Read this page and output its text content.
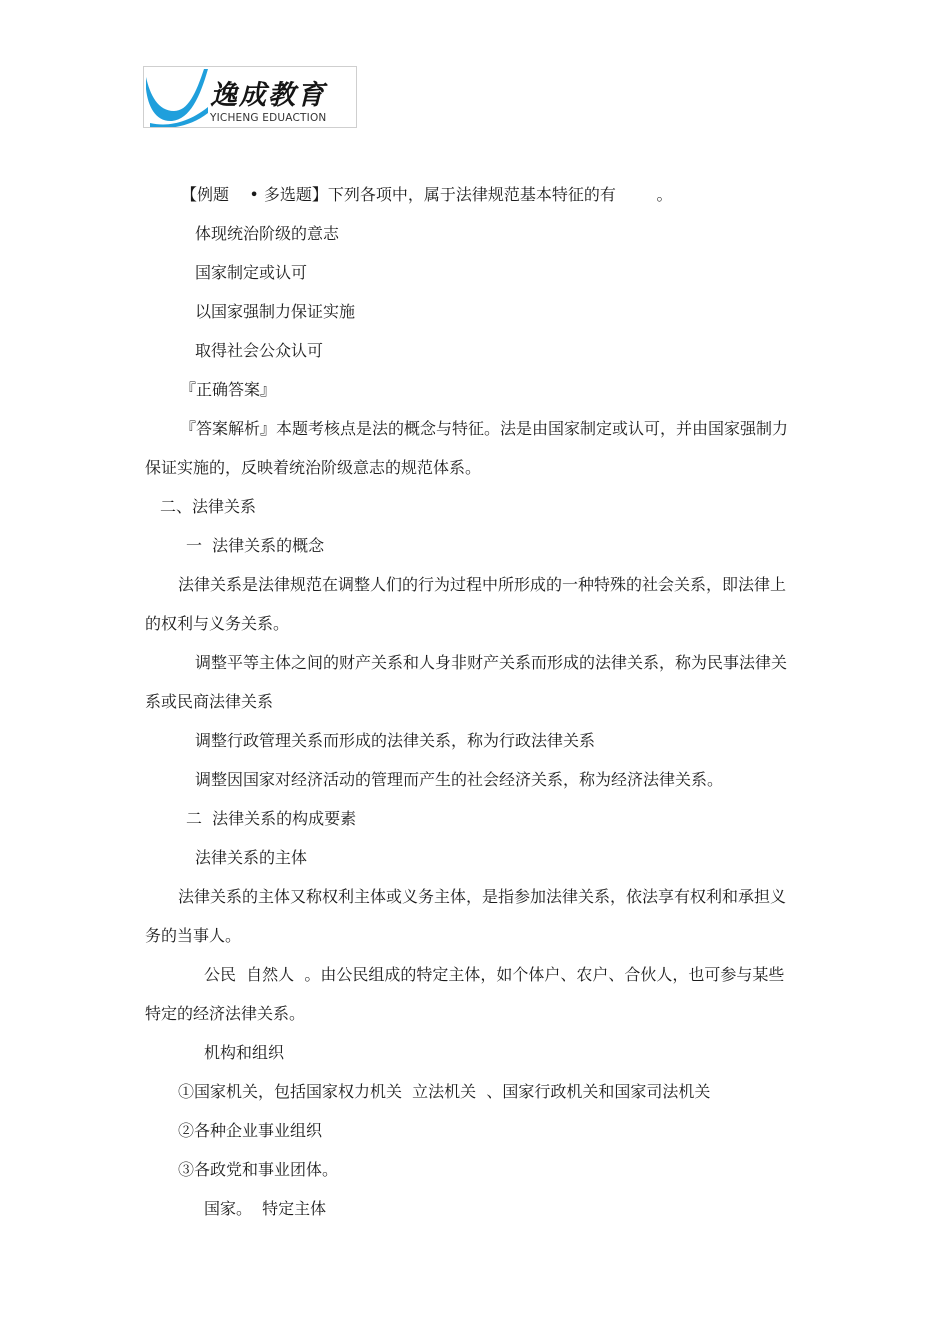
逸成教育
YICHENG EDUACTION
【例题    • 多选题】下列各项中，属于法律规范基本特征的有        。
体现统治阶级的意志
国家制定或认可
以国家强制力保证实施
取得社会公众认可
『正确答案』
『答案解析』本题考核点是法的概念与特征。法是由国家制定或认可，并由国家强制力
保证实施的，反映着统治阶级意志的规范体系。
二、法律关系
一  法律关系的概念
法律关系是法律规范在调整人们的行为过程中所形成的一种特殊的社会关系，即法律上
的权利与义务关系。
调整平等主体之间的财产关系和人身非财产关系而形成的法律关系，称为民事法律关
系或民商法律关系
调整行政管理关系而形成的法律关系，称为行政法律关系
调整因国家对经济活动的管理而产生的社会经济关系，称为经济法律关系。
二  法律关系的构成要素
法律关系的主体
法律关系的主体又称权利主体或义务主体，是指参加法律关系，依法享有权利和承担义
务的当事人。
公民  自然人  。由公民组成的特定主体，如个体户、农户、合伙人，也可参与某些
特定的经济法律关系。
机构和组织
①国家机关，包括国家权力机关  立法机关  、国家行政机关和国家司法机关
②各种企业事业组织
③各政党和事业团体。
国家。  特定主体
